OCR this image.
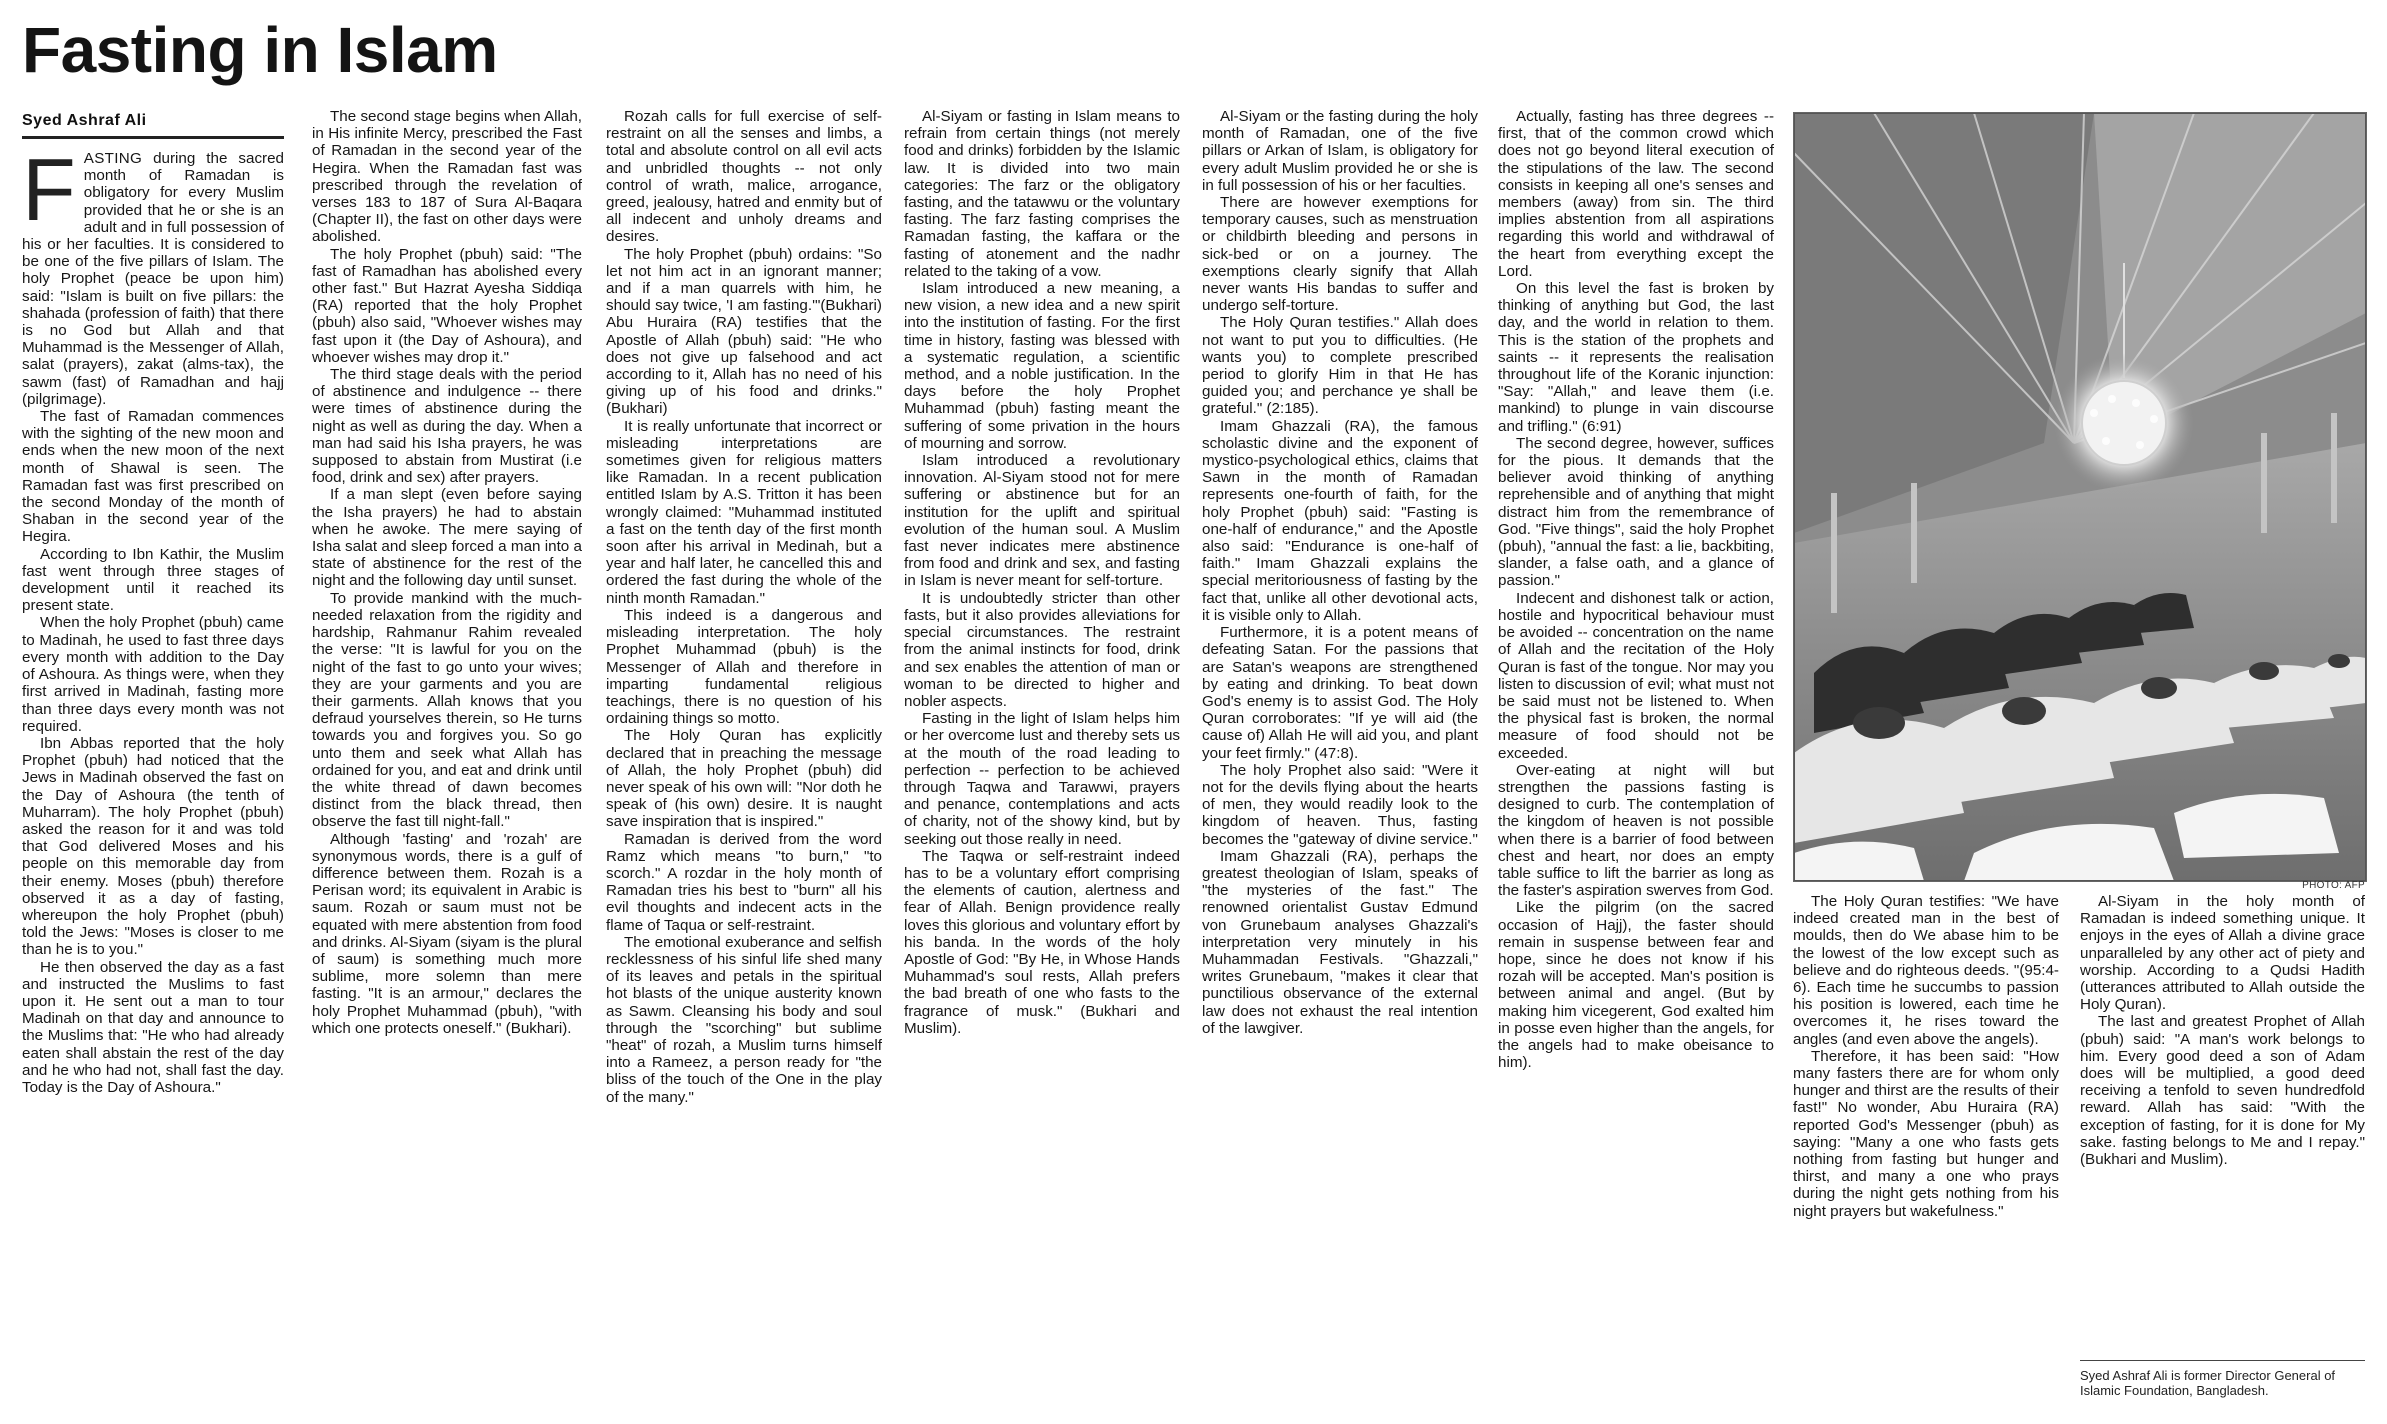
Fasting in Islam
Syed Ashraf Ali

FASTING during the sacred month of Ramadan is obligatory for every Muslim provided that he or she is an adult and in full possession of his or her faculties. It is considered to be one of the five pillars of Islam. The holy Prophet (peace be upon him) said: "Islam is built on five pillars: the shahada (profession of faith) that there is no God but Allah and that Muhammad is the Messenger of Allah, salat (prayers), zakat (alms-tax), the sawm (fast) of Ramadhan and hajj (pilgrimage).

The fast of Ramadan commences with the sighting of the new moon and ends when the new moon of the next month of Shawal is seen. The Ramadan fast was first prescribed on the second Monday of the month of Shaban in the second year of the Hegira.

According to Ibn Kathir, the Muslim fast went through three stages of development until it reached its present state.

When the holy Prophet (pbuh) came to Madinah, he used to fast three days every month with addition to the Day of Ashoura. As things were, when they first arrived in Madinah, fasting more than three days every month was not required.

Ibn Abbas reported that the holy Prophet (pbuh) had noticed that the Jews in Madinah observed the fast on the Day of Ashoura (the tenth of Muharram). The holy Prophet (pbuh) asked the reason for it and was told that God delivered Moses and his people on this memorable day from their enemy. Moses (pbuh) therefore observed it as a day of fasting, whereupon the holy Prophet (pbuh) told the Jews: "Moses is closer to me than he is to you."

He then observed the day as a fast and instructed the Muslims to fast upon it. He sent out a man to tour Madinah on that day and announce to the Muslims that: "He who had already eaten shall abstain the rest of the day and he who had not, shall fast the day. Today is the Day of Ashoura."

The second stage begins when Allah, in His infinite Mercy, prescribed the Fast of Ramadan in the second year of the Hegira. When the Ramadan fast was prescribed through the revelation of verses 183 to 187 of Sura Al-Baqara (Chapter II), the fast on other days were abolished.

The holy Prophet (pbuh) said: "The fast of Ramadhan has abolished every other fast." But Hazrat Ayesha Siddiqa (RA) reported that the holy Prophet (pbuh) also said, "Whoever wishes may fast upon it (the Day of Ashoura), and whoever wishes may drop it."

The third stage deals with the period of abstinence and indulgence -- there were times of abstinence during the night as well as during the day. When a man had said his Isha prayers, he was supposed to abstain from Mustirat (i.e food, drink and sex) after prayers.

If a man slept (even before saying the Isha prayers) he had to abstain when he awoke. The mere saying of Isha salat and sleep forced a man into a state of abstinence for the rest of the night and the following day until sunset.

To provide mankind with the much-needed relaxation from the rigidity and hardship, Rahmanur Rahim revealed the verse: "It is lawful for you on the night of the fast to go unto your wives; they are your garments and you are their garments. Allah knows that you defraud yourselves therein, so He turns towards you and forgives you. So go unto them and seek what Allah has ordained for you, and eat and drink until the white thread of dawn becomes distinct from the black thread, then observe the fast till night-fall."

Although 'fasting' and 'rozah' are synonymous words, there is a gulf of difference between them. Rozah is a Perisan word; its equivalent in Arabic is saum. Rozah or saum must not be equated with mere abstention from food and drinks. Al-Siyam (siyam is the plural of saum) is something much more sublime, more solemn than mere fasting. "It is an armour," declares the holy Prophet Muhammad (pbuh), "with which one protects oneself." (Bukhari).

Rozah calls for full exercise of self-restraint on all the senses and limbs, a total and absolute control on all evil acts and unbridled thoughts -- not only control of wrath, malice, arrogance, greed, jealousy, hatred and enmity but of all indecent and unholy dreams and desires.

The holy Prophet (pbuh) ordains: "So let not him act in an ignorant manner; and if a man quarrels with him, he should say twice, 'I am fasting.'"(Bukhari) Abu Huraira (RA) testifies that the Apostle of Allah (pbuh) said: "He who does not give up falsehood and act according to it, Allah has no need of his giving up of his food and drinks."(Bukhari)

It is really unfortunate that incorrect or misleading interpretations are sometimes given for religious matters like Ramadan. In a recent publication entitled Islam by A.S. Tritton it has been wrongly claimed: "Muhammad instituted a fast on the tenth day of the first month soon after his arrival in Medinah, but a year and half later, he cancelled this and ordered the fast during the whole of the ninth month Ramadan."

This indeed is a dangerous and misleading interpretation. The holy Prophet Muhammad (pbuh) is the Messenger of Allah and therefore in imparting fundamental religious teachings, there is no question of his ordaining things so motto.

The Holy Quran has explicitly declared that in preaching the message of Allah, the holy Prophet (pbuh) did never speak of his own will: "Nor doth he speak of (his own) desire. It is naught save inspiration that is inspired."

Ramadan is derived from the word Ramz which means "to burn," "to scorch." A rozdar in the holy month of Ramadan tries his best to "burn" all his evil thoughts and indecent acts in the flame of Taqua or self-restraint.

The emotional exuberance and selfish recklessness of his sinful life shed many of its leaves and petals in the spiritual hot blasts of the unique austerity known as Sawm. Cleansing his body and soul through the "scorching" but sublime "heat" of rozah, a Muslim turns himself into a Rameez, a person ready for "the bliss of the touch of the One in the play of the many."

Al-Siyam or fasting in Islam means to refrain from certain things (not merely food and drinks) forbidden by the Islamic law. It is divided into two main categories: The farz or the obligatory fasting, and the tatawwu or the voluntary fasting. The farz fasting comprises the Ramadan fasting, the kaffara or the fasting of atonement and the nadhr related to the taking of a vow.

Islam introduced a new meaning, a new vision, a new idea and a new spirit into the institution of fasting. For the first time in history, fasting was blessed with a systematic regulation, a scientific method, and a noble justification. In the days before the holy Prophet Muhammad (pbuh) fasting meant the suffering of some privation in the hours of mourning and sorrow.

Islam introduced a revolutionary innovation. Al-Siyam stood not for mere suffering or abstinence but for an institution for the uplift and spiritual evolution of the human soul. A Muslim fast never indicates mere abstinence from food and drink and sex, and fasting in Islam is never meant for self-torture.

It is undoubtedly stricter than other fasts, but it also provides alleviations for special circumstances. The restraint from the animal instincts for food, drink and sex enables the attention of man or woman to be directed to higher and nobler aspects.

Fasting in the light of Islam helps him or her overcome lust and thereby sets us at the mouth of the road leading to perfection -- perfection to be achieved through Taqwa and Tarawwi, prayers and penance, contemplations and acts of charity, not of the showy kind, but by seeking out those really in need.

The Taqwa or self-restraint indeed has to be a voluntary effort comprising the elements of caution, alertness and fear of Allah. Benign providence really loves this glorious and voluntary effort by his banda. In the words of the holy Apostle of God: "By He, in Whose Hands Muhammad's soul rests, Allah prefers the bad breath of one who fasts to the fragrance of musk." (Bukhari and Muslim).

Al-Siyam or the fasting during the holy month of Ramadan, one of the five pillars or Arkan of Islam, is obligatory for every adult Muslim provided he or she is in full possession of his or her faculties.

There are however exemptions for temporary causes, such as menstruation or childbirth bleeding and persons in sick-bed or on a journey. The exemptions clearly signify that Allah never wants His bandas to suffer and undergo self-torture.

The Holy Quran testifies." Allah does not want to put you to difficulties. (He wants you) to complete prescribed period to glorify Him in that He has guided you; and perchance ye shall be grateful." (2:185).

Imam Ghazzali (RA), the famous scholastic divine and the exponent of mystico-psychological ethics, claims that Sawn in the month of Ramadan represents one-fourth of faith, for the holy Prophet (pbuh) said: "Fasting is one-half of endurance," and the Apostle also said: "Endurance is one-half of faith." Imam Ghazzali explains the special meritoriousness of fasting by the fact that, unlike all other devotional acts, it is visible only to Allah.

Furthermore, it is a potent means of defeating Satan. For the passions that are Satan's weapons are strengthened by eating and drinking. To beat down God's enemy is to assist God. The Holy Quran corroborates: "If ye will aid (the cause of) Allah He will aid you, and plant your feet firmly." (47:8).

The holy Prophet also said: "Were it not for the devils flying about the hearts of men, they would readily look to the kingdom of heaven. Thus, fasting becomes the "gateway of divine service."

Imam Ghazzali (RA), perhaps the greatest theologian of Islam, speaks of "the mysteries of the fast." The renowned orientalist Gustav Edmund von Grunebaum analyses Ghazzali's interpretation very minutely in his Muhammadan Festivals. "Ghazzali," writes Grunebaum, "makes it clear that punctilious observance of the external law does not exhaust the real intention of the lawgiver.

Actually, fasting has three degrees -- first, that of the common crowd which does not go beyond literal execution of the stipulations of the law. The second consists in keeping all one's senses and members (away) from sin. The third implies abstention from all aspirations regarding this world and withdrawal of the heart from everything except the Lord.

On this level the fast is broken by thinking of anything but God, the last day, and the world in relation to them. This is the station of the prophets and saints -- it represents the realisation throughout life of the Koranic injunction: "Say: "Allah," and leave them (i.e. mankind) to plunge in vain discourse and trifling." (6:91)

The second degree, however, suffices for the pious. It demands that the believer avoid thinking of anything reprehensible and of anything that might distract him from the remembrance of God. "Five things", said the holy Prophet (pbuh), "annual the fast: a lie, backbiting, slander, a false oath, and a glance of passion."

Indecent and dishonest talk or action, hostile and hypocritical behaviour must be avoided -- concentration on the name of Allah and the recitation of the Holy Quran is fast of the tongue. Nor may you listen to discussion of evil; what must not be said must not be listened to. When the physical fast is broken, the normal measure of food should not be exceeded.

Over-eating at night will but strengthen the passions fasting is designed to curb. The contemplation of the kingdom of heaven is not possible when there is a barrier of food between chest and heart, nor does an empty table suffice to lift the barrier as long as the faster's aspiration swerves from God.

Like the pilgrim (on the sacred occasion of Hajj), the faster should remain in suspense between fear and hope, since he does not know if his rozah will be accepted. Man's position is between animal and angel. (But by making him vicegerent, God exalted him in posse even higher than the angels, for the angels had to make obeisance to him).

PHOTO: AFP

The Holy Quran testifies: "We have indeed created man in the best of moulds, then do We abase him to be the lowest of the low except such as believe and do righteous deeds. "(95:4-6). Each time he succumbs to passion his position is lowered, each time he overcomes it, he rises toward the angles (and even above the angels).

Therefore, it has been said: "How many fasters there are for whom only hunger and thirst are the results of their fast!" No wonder, Abu Huraira (RA) reported God's Messenger (pbuh) as saying: "Many a one who fasts gets nothing from fasting but hunger and thirst, and many a one who prays during the night gets nothing from his night prayers but wakefulness."

Al-Siyam in the holy month of Ramadan is indeed something unique. It enjoys in the eyes of Allah a divine grace unparalleled by any other act of piety and worship. According to a Qudsi Hadith (utterances attributed to Allah outside the Holy Quran).

The last and greatest Prophet of Allah (pbuh) said: "A man's work belongs to him. Every good deed a son of Adam does will be multiplied, a good deed receiving a tenfold to seven hundredfold reward. Allah has said: "With the exception of fasting, for it is done for My sake. fasting belongs to Me and I repay." (Bukhari and Muslim).

Syed Ashraf Ali is former Director General of Islamic Foundation, Bangladesh.
